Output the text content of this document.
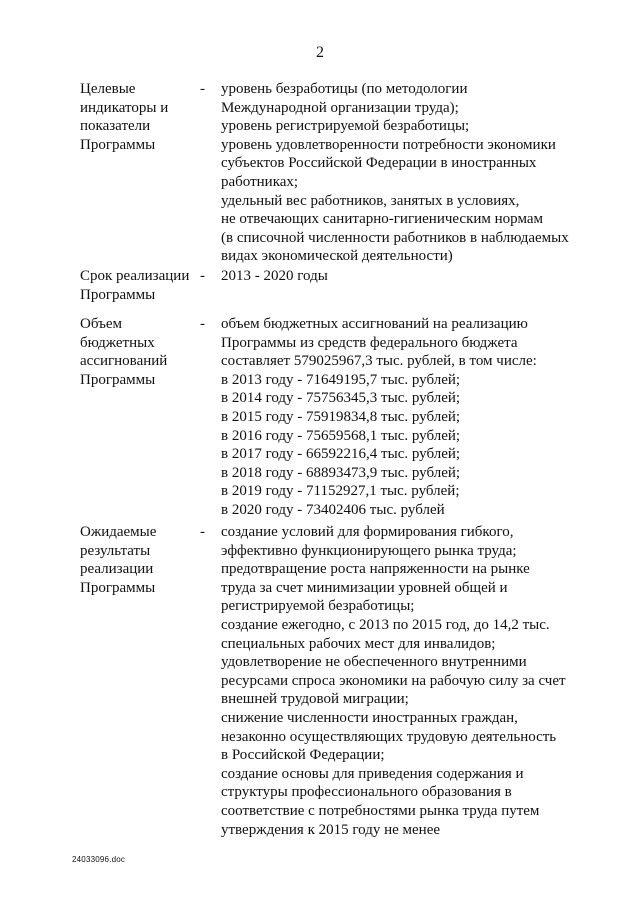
2
Целевые
индикаторы и
показатели
Программы
- уровень безработицы (по методологии
Международной организации труда);
уровень регистрируемой безработицы;
уровень удовлетворенности потребности экономики
субъектов Российской Федерации в иностранных
работниках;
удельный вес работников, занятых в условиях,
не отвечающих санитарно-гигиеническим нормам
(в списочной численности работников в наблюдаемых
видах экономической деятельности)
Срок реализации
Программы
- 2013 - 2020 годы
Объем
бюджетных
ассигнований
Программы
- объем бюджетных ассигнований на реализацию
Программы из средств федерального бюджета
составляет 579025967,3 тыс. рублей, в том числе:
в 2013 году - 71649195,7 тыс. рублей;
в 2014 году - 75756345,3 тыс. рублей;
в 2015 году - 75919834,8 тыс. рублей;
в 2016 году - 75659568,1 тыс. рублей;
в 2017 году - 66592216,4 тыс. рублей;
в 2018 году - 68893473,9 тыс. рублей;
в 2019 году - 71152927,1 тыс. рублей;
в 2020 году - 73402406 тыс. рублей
Ожидаемые
результаты
реализации
Программы
- создание условий для формирования гибкого,
эффективно функционирующего рынка труда;
предотвращение роста напряженности на рынке
труда за счет минимизации уровней общей и
регистрируемой безработицы;
создание ежегодно, с 2013 по 2015 год, до 14,2 тыс.
специальных рабочих мест для инвалидов;
удовлетворение не обеспеченного внутренними
ресурсами спроса экономики на рабочую силу за счет
внешней трудовой миграции;
снижение численности иностранных граждан,
незаконно осуществляющих трудовую деятельность
в Российской Федерации;
создание основы для приведения содержания и
структуры профессионального образования в
соответствие с потребностями рынка труда путем
утверждения к 2015 году не менее
24033096.doc
